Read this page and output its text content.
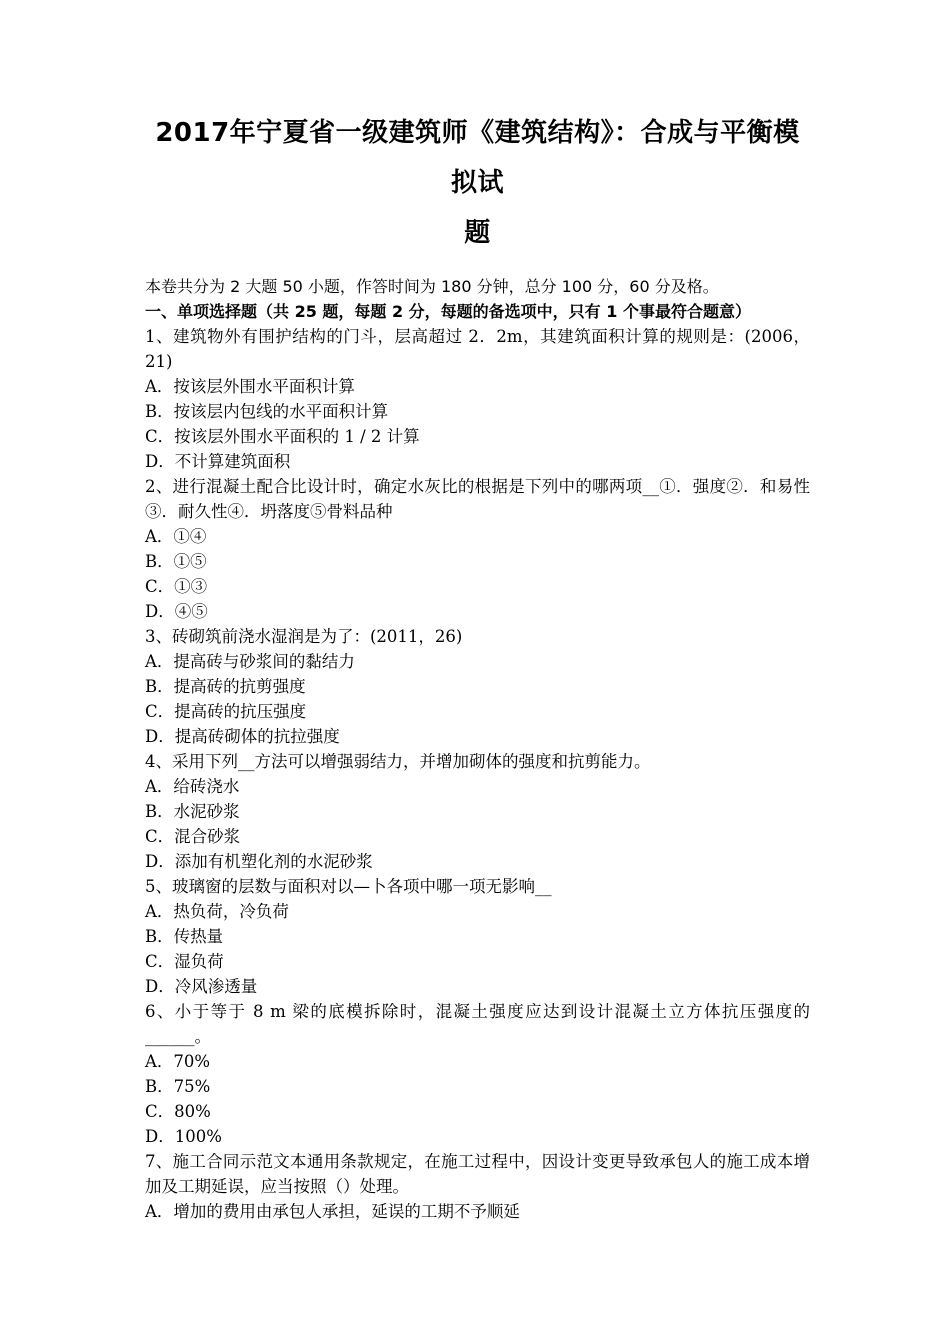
2017年宁夏省一级建筑师《建筑结构》：合成与平衡模拟试
题

本卷共分为 2 大题 50 小题，作答时间为 180 分钟，总分 100 分，60 分及格。

一、单项选择题（共 25 题，每题 2 分，每题的备选项中，只有 1 个事最符合题意）

1、建筑物外有围护结构的门斗，层高超过 2．2m，其建筑面积计算的规则是：(2006，21)

A．按该层外围水平面积计算

B．按该层内包线的水平面积计算

C．按该层外围水平面积的 1 / 2 计算

D．不计算建筑面积

2、进行混凝土配合比设计时，确定水灰比的根据是下列中的哪两项__①．强度②．和易性③．耐久性④．坍落度⑤骨料品种

A．①④

B．①⑤

C．①③

D．④⑤

3、砖砌筑前浇水湿润是为了：(2011，26)

A．提高砖与砂浆间的黏结力

B．提高砖的抗剪强度

C．提高砖的抗压强度

D．提高砖砌体的抗拉强度

4、采用下列__方法可以增强弱结力，并增加砌体的强度和抗剪能力。

A．给砖浇水

B．水泥砂浆

C．混合砂浆

D．添加有机塑化剂的水泥砂浆

5、玻璃窗的层数与面积对以—卜各项中哪一项无影响__

A．热负荷，冷负荷

B．传热量

C．湿负荷

D．冷风渗透量

6、小于等于 8 m 梁的底模拆除时，混凝土强度应达到设计混凝土立方体抗压强度的______。

A．70%

B．75%

C．80%

D．100%

7、施工合同示范文本通用条款规定，在施工过程中，因设计变更导致承包人的施工成本增加及工期延误，应当按照（）处理。

A．增加的费用由承包人承担，延误的工期不予顺延
